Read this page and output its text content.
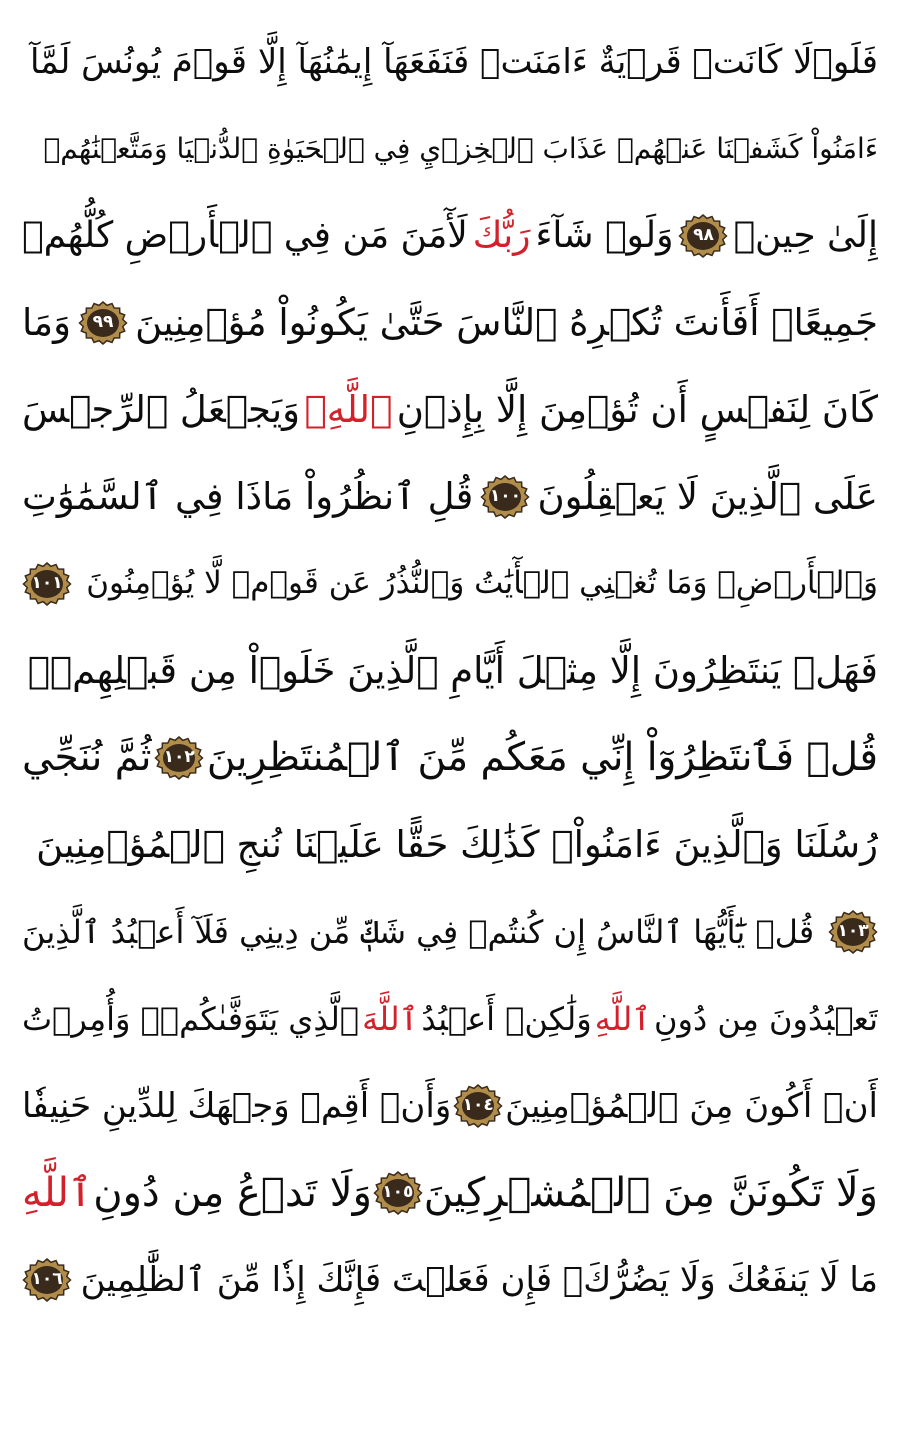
فَلَوۡلَا كَانَتۡ قَرۡيَةٌ ءَامَنَتۡ فَنَفَعَهَآ إِيمَٰنُهَآ إِلَّا قَوۡمَ يُونُسَ لَمَّآ
ءَامَنُواْ كَشَفۡنَا عَنۡهُمۡ عَذَابَ ٱلۡخِزۡيِ فِي ٱلۡحَيَوٰةِ ٱلدُّنۡيَا وَمَتَّعۡنَٰهُمۡ
إِلَىٰ حِينٖ
٩٨
وَلَوۡ شَآءَ
رَبُّكَ
لَأٓمَنَ مَن فِي ٱلۡأَرۡضِ كُلُّهُمۡ
جَمِيعًاۚ أَفَأَنتَ تُكۡرِهُ ٱلنَّاسَ حَتَّىٰ يَكُونُواْ مُؤۡمِنِينَ
٩٩
وَمَا
كَانَ لِنَفۡسٍ أَن تُؤۡمِنَ إِلَّا بِإِذۡنِ
ٱللَّهِۚ
وَيَجۡعَلُ ٱلرِّجۡسَ
عَلَى ٱلَّذِينَ لَا يَعۡقِلُونَ
١٠٠
قُلِ ٱنظُرُواْ مَاذَا فِي ٱلسَّمَٰوَٰتِ
وَٱلۡأَرۡضِۚ وَمَا تُغۡنِي ٱلۡأٓيَٰتُ وَٱلنُّذُرُ عَن قَوۡمٖ لَّا يُؤۡمِنُونَ
١٠١
فَهَلۡ يَنتَظِرُونَ إِلَّا مِثۡلَ أَيَّامِ ٱلَّذِينَ خَلَوۡاْ مِن قَبۡلِهِمۡۚ
قُلۡ فَٱنتَظِرُوٓاْ إِنِّي مَعَكُم مِّنَ ٱلۡمُنتَظِرِينَ
١٠٢
ثُمَّ نُنَجِّي
رُسُلَنَا وَٱلَّذِينَ ءَامَنُواْۚ كَذَٰلِكَ حَقًّا عَلَيۡنَا نُنجِ ٱلۡمُؤۡمِنِينَ
١٠٣
قُلۡ يَٰٓأَيُّهَا ٱلنَّاسُ إِن كُنتُمۡ فِي شَكّٖ مِّن دِينِي فَلَآ أَعۡبُدُ ٱلَّذِينَ
تَعۡبُدُونَ مِن دُونِ
ٱللَّهِ
وَلَٰكِنۡ أَعۡبُدُ
ٱللَّهَ
ٱلَّذِي يَتَوَفَّىٰكُمۡۖ وَأُمِرۡتُ
أَنۡ أَكُونَ مِنَ ٱلۡمُؤۡمِنِينَ
١٠٤
وَأَنۡ أَقِمۡ وَجۡهَكَ لِلدِّينِ حَنِيفٗا
وَلَا تَكُونَنَّ مِنَ ٱلۡمُشۡرِكِينَ
١٠٥
وَلَا تَدۡعُ مِن دُونِ
ٱللَّهِ
مَا لَا يَنفَعُكَ وَلَا يَضُرُّكَۖ فَإِن فَعَلۡتَ فَإِنَّكَ إِذٗا مِّنَ ٱلظَّٰلِمِينَ
١٠٦
